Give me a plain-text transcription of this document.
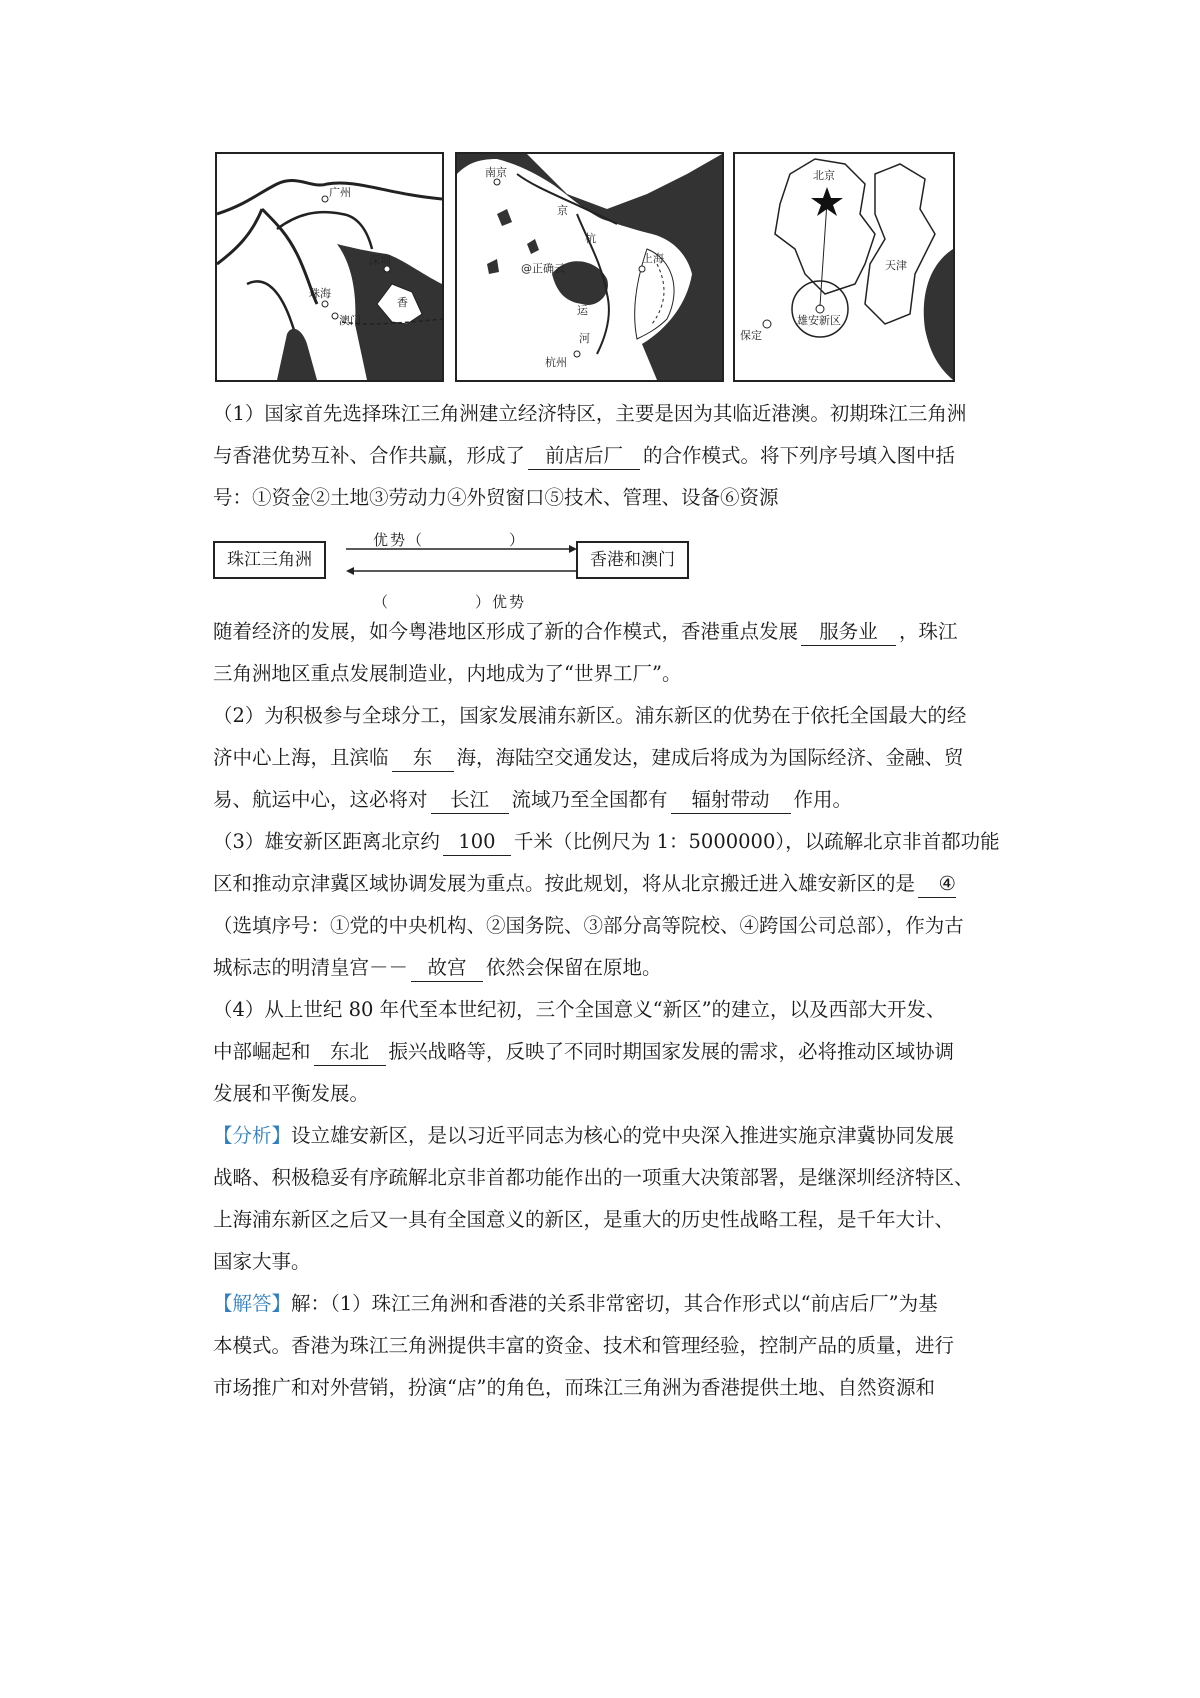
广州
深圳
珠海
澳门
香
南京
京
杭
上海
运
河
杭州
@正确云
北京
天津
保定
雄安新区

（1）国家首先选择珠江三角洲建立经济特区，主要是因为其临近港澳。初期珠江三角洲

与香港优势互补、合作共赢，形成了 前店后厂 的合作模式。将下列序号填入图中括

号：①资金②土地③劳动力④外贸窗口⑤技术、管理、设备⑥资源

珠江三角洲	香港和澳门
优势（　　　　　）
（　　　　　）优势

随着经济的发展，如今粤港地区形成了新的合作模式，香港重点发展 服务业 ，珠江

三角洲地区重点发展制造业，内地成为了“世界工厂”。

（2）为积极参与全球分工，国家发展浦东新区。浦东新区的优势在于依托全国最大的经

济中心上海，且滨临 东 海，海陆空交通发达，建成后将成为为国际经济、金融、贸

易、航运中心，这必将对 长江 流域乃至全国都有 辐射带动 作用。

（3）雄安新区距离北京约 100 千米（比例尺为 1：5000000），以疏解北京非首都功能

区和推动京津冀区域协调发展为重点。按此规划，将从北京搬迁进入雄安新区的是 ④

（选填序号：①党的中央机构、②国务院、③部分高等院校、④跨国公司总部），作为古

城标志的明清皇宫－－ 故宫 依然会保留在原地。

（4）从上世纪 80 年代至本世纪初，三个全国意义“新区”的建立，以及西部大开发、

中部崛起和 东北 振兴战略等，反映了不同时期国家发展的需求，必将推动区域协调

发展和平衡发展。

【分析】设立雄安新区，是以习近平同志为核心的党中央深入推进实施京津冀协同发展

战略、积极稳妥有序疏解北京非首都功能作出的一项重大决策部署，是继深圳经济特区、

上海浦东新区之后又一具有全国意义的新区，是重大的历史性战略工程，是千年大计、

国家大事。

【解答】解：（1）珠江三角洲和香港的关系非常密切，其合作形式以“前店后厂”为基

本模式。香港为珠江三角洲提供丰富的资金、技术和管理经验，控制产品的质量，进行

市场推广和对外营销，扮演“店”的角色，而珠江三角洲为香港提供土地、自然资源和
